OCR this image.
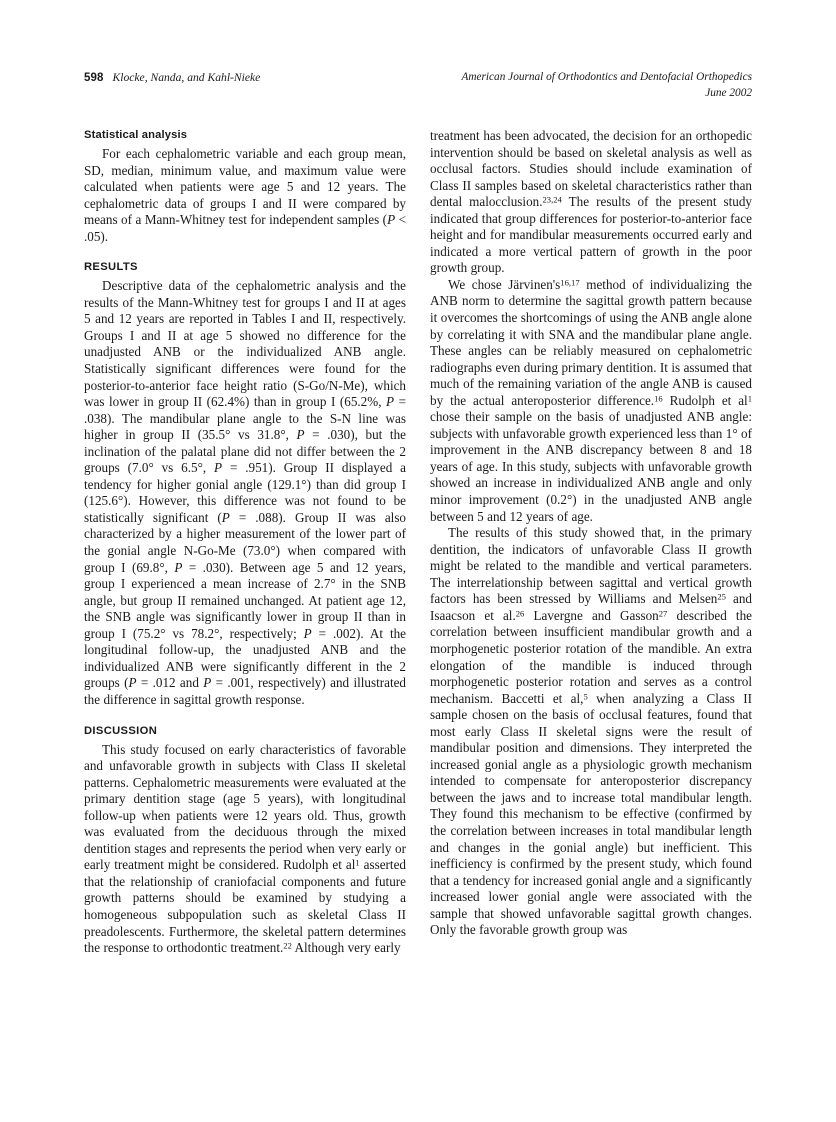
598 Klocke, Nanda, and Kahl-Nieke	American Journal of Orthodontics and Dentofacial Orthopedics
June 2002
Statistical analysis

For each cephalometric variable and each group mean, SD, median, minimum value, and maximum value were calculated when patients were age 5 and 12 years. The cephalometric data of groups I and II were compared by means of a Mann-Whitney test for independent samples (P < .05).

RESULTS

Descriptive data of the cephalometric analysis and the results of the Mann-Whitney test for groups I and II at ages 5 and 12 years are reported in Tables I and II, respectively. Groups I and II at age 5 showed no difference for the unadjusted ANB or the individualized ANB angle. Statistically significant differences were found for the posterior-to-anterior face height ratio (S-Go/N-Me), which was lower in group II (62.4%) than in group I (65.2%, P = .038). The mandibular plane angle to the S-N line was higher in group II (35.5° vs 31.8°, P = .030), but the inclination of the palatal plane did not differ between the 2 groups (7.0° vs 6.5°, P = .951). Group II displayed a tendency for higher gonial angle (129.1°) than did group I (125.6°). However, this difference was not found to be statistically significant (P = .088). Group II was also characterized by a higher measurement of the lower part of the gonial angle N-Go-Me (73.0°) when compared with group I (69.8°, P = .030). Between age 5 and 12 years, group I experienced a mean increase of 2.7° in the SNB angle, but group II remained unchanged. At patient age 12, the SNB angle was significantly lower in group II than in group I (75.2° vs 78.2°, respectively; P = .002). At the longitudinal follow-up, the unadjusted ANB and the individualized ANB were significantly different in the 2 groups (P = .012 and P = .001, respectively) and illustrated the difference in sagittal growth response.

DISCUSSION

This study focused on early characteristics of favorable and unfavorable growth in subjects with Class II skeletal patterns. Cephalometric measurements were evaluated at the primary dentition stage (age 5 years), with longitudinal follow-up when patients were 12 years old. Thus, growth was evaluated from the deciduous through the mixed dentition stages and represents the period when very early or early treatment might be considered. Rudolph et $al^1$ asserted that the relationship of craniofacial components and future growth patterns should be examined by studying a homogeneous subpopulation such as skeletal Class II preadolescents. Furthermore, the skeletal pattern determines the response to orthodontic treatment.$^{22}$ Although very early

treatment has been advocated, the decision for an orthopedic intervention should be based on skeletal analysis as well as occlusal factors. Studies should include examination of Class II samples based on skeletal characteristics rather than dental malocclusion.$^{23,24}$ The results of the present study indicated that group differences for posterior-to-anterior face height and for mandibular measurements occurred early and indicated a more vertical pattern of growth in the poor growth group.

We chose $Järvinen's^{16,17}$ method of individualizing the ANB norm to determine the sagittal growth pattern because it overcomes the shortcomings of using the ANB angle alone by correlating it with SNA and the mandibular plane angle. These angles can be reliably measured on cephalometric radiographs even during primary dentition. It is assumed that much of the remaining variation of the angle ANB is caused by the actual anteroposterior difference.$^{16}$ Rudolph et $al^1$ chose their sample on the basis of unadjusted ANB angle: subjects with unfavorable growth experienced less than 1° of improvement in the ANB discrepancy between 8 and 18 years of age. In this study, subjects with unfavorable growth showed an increase in individualized ANB angle and only minor improvement (0.2°) in the unadjusted ANB angle between 5 and 12 years of age.

The results of this study showed that, in the primary dentition, the indicators of unfavorable Class II growth might be related to the mandible and vertical parameters. The interrelationship between sagittal and vertical growth factors has been stressed by Williams and Melsen$^{25}$ and Isaacson et al.$^{26}$ Lavergne and Gasson$^{27}$ described the correlation between insufficient mandibular growth and a morphogenetic posterior rotation of the mandible. An extra elongation of the mandible is induced through morphogenetic posterior rotation and serves as a control mechanism. Baccetti et al,$^5$ when analyzing a Class II sample chosen on the basis of occlusal features, found that most early Class II skeletal signs were the result of mandibular position and dimensions. They interpreted the increased gonial angle as a physiologic growth mechanism intended to compensate for anteroposterior discrepancy between the jaws and to increase total mandibular length. They found this mechanism to be effective (confirmed by the correlation between increases in total mandibular length and changes in the gonial angle) but inefficient. This inefficiency is confirmed by the present study, which found that a tendency for increased gonial angle and a significantly increased lower gonial angle were associated with the sample that showed unfavorable sagittal growth changes. Only the favorable growth group was
